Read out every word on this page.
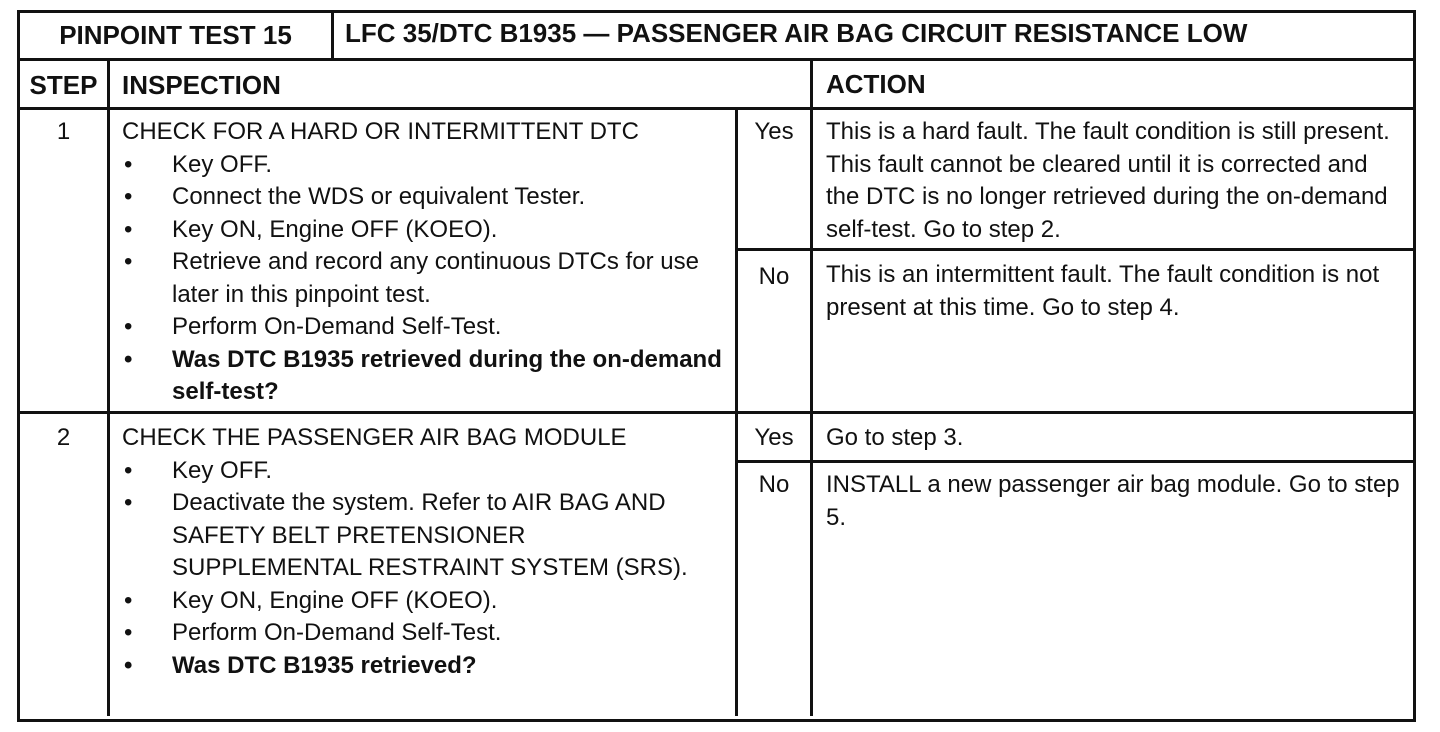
PINPOINT TEST 15	LFC 35/DTC B1935 — PASSENGER AIR BAG CIRCUIT RESISTANCE LOW
STEP INSPECTION	ACTION
1	CHECK FOR A HARD OR INTERMITTENT DTC
• Key OFF.
• Connect the WDS or equivalent Tester.
• Key ON, Engine OFF (KOEO).
• Retrieve and record any continuous DTCs for use later in this pinpoint test.
• Perform On-Demand Self-Test.
• Was DTC B1935 retrieved during the on-demand self-test?
Yes	This is a hard fault. The fault condition is still present. This fault cannot be cleared until it is corrected and the DTC is no longer retrieved during the on-demand self-test. Go to step 2.
No	This is an intermittent fault. The fault condition is not present at this time. Go to step 4.
2	CHECK THE PASSENGER AIR BAG MODULE
• Key OFF.
• Deactivate the system. Refer to AIR BAG AND SAFETY BELT PRETENSIONER SUPPLEMENTAL RESTRAINT SYSTEM (SRS).
• Key ON, Engine OFF (KOEO).
• Perform On-Demand Self-Test.
• Was DTC B1935 retrieved?
Yes	Go to step 3.
No	INSTALL a new passenger air bag module. Go to step 5.
